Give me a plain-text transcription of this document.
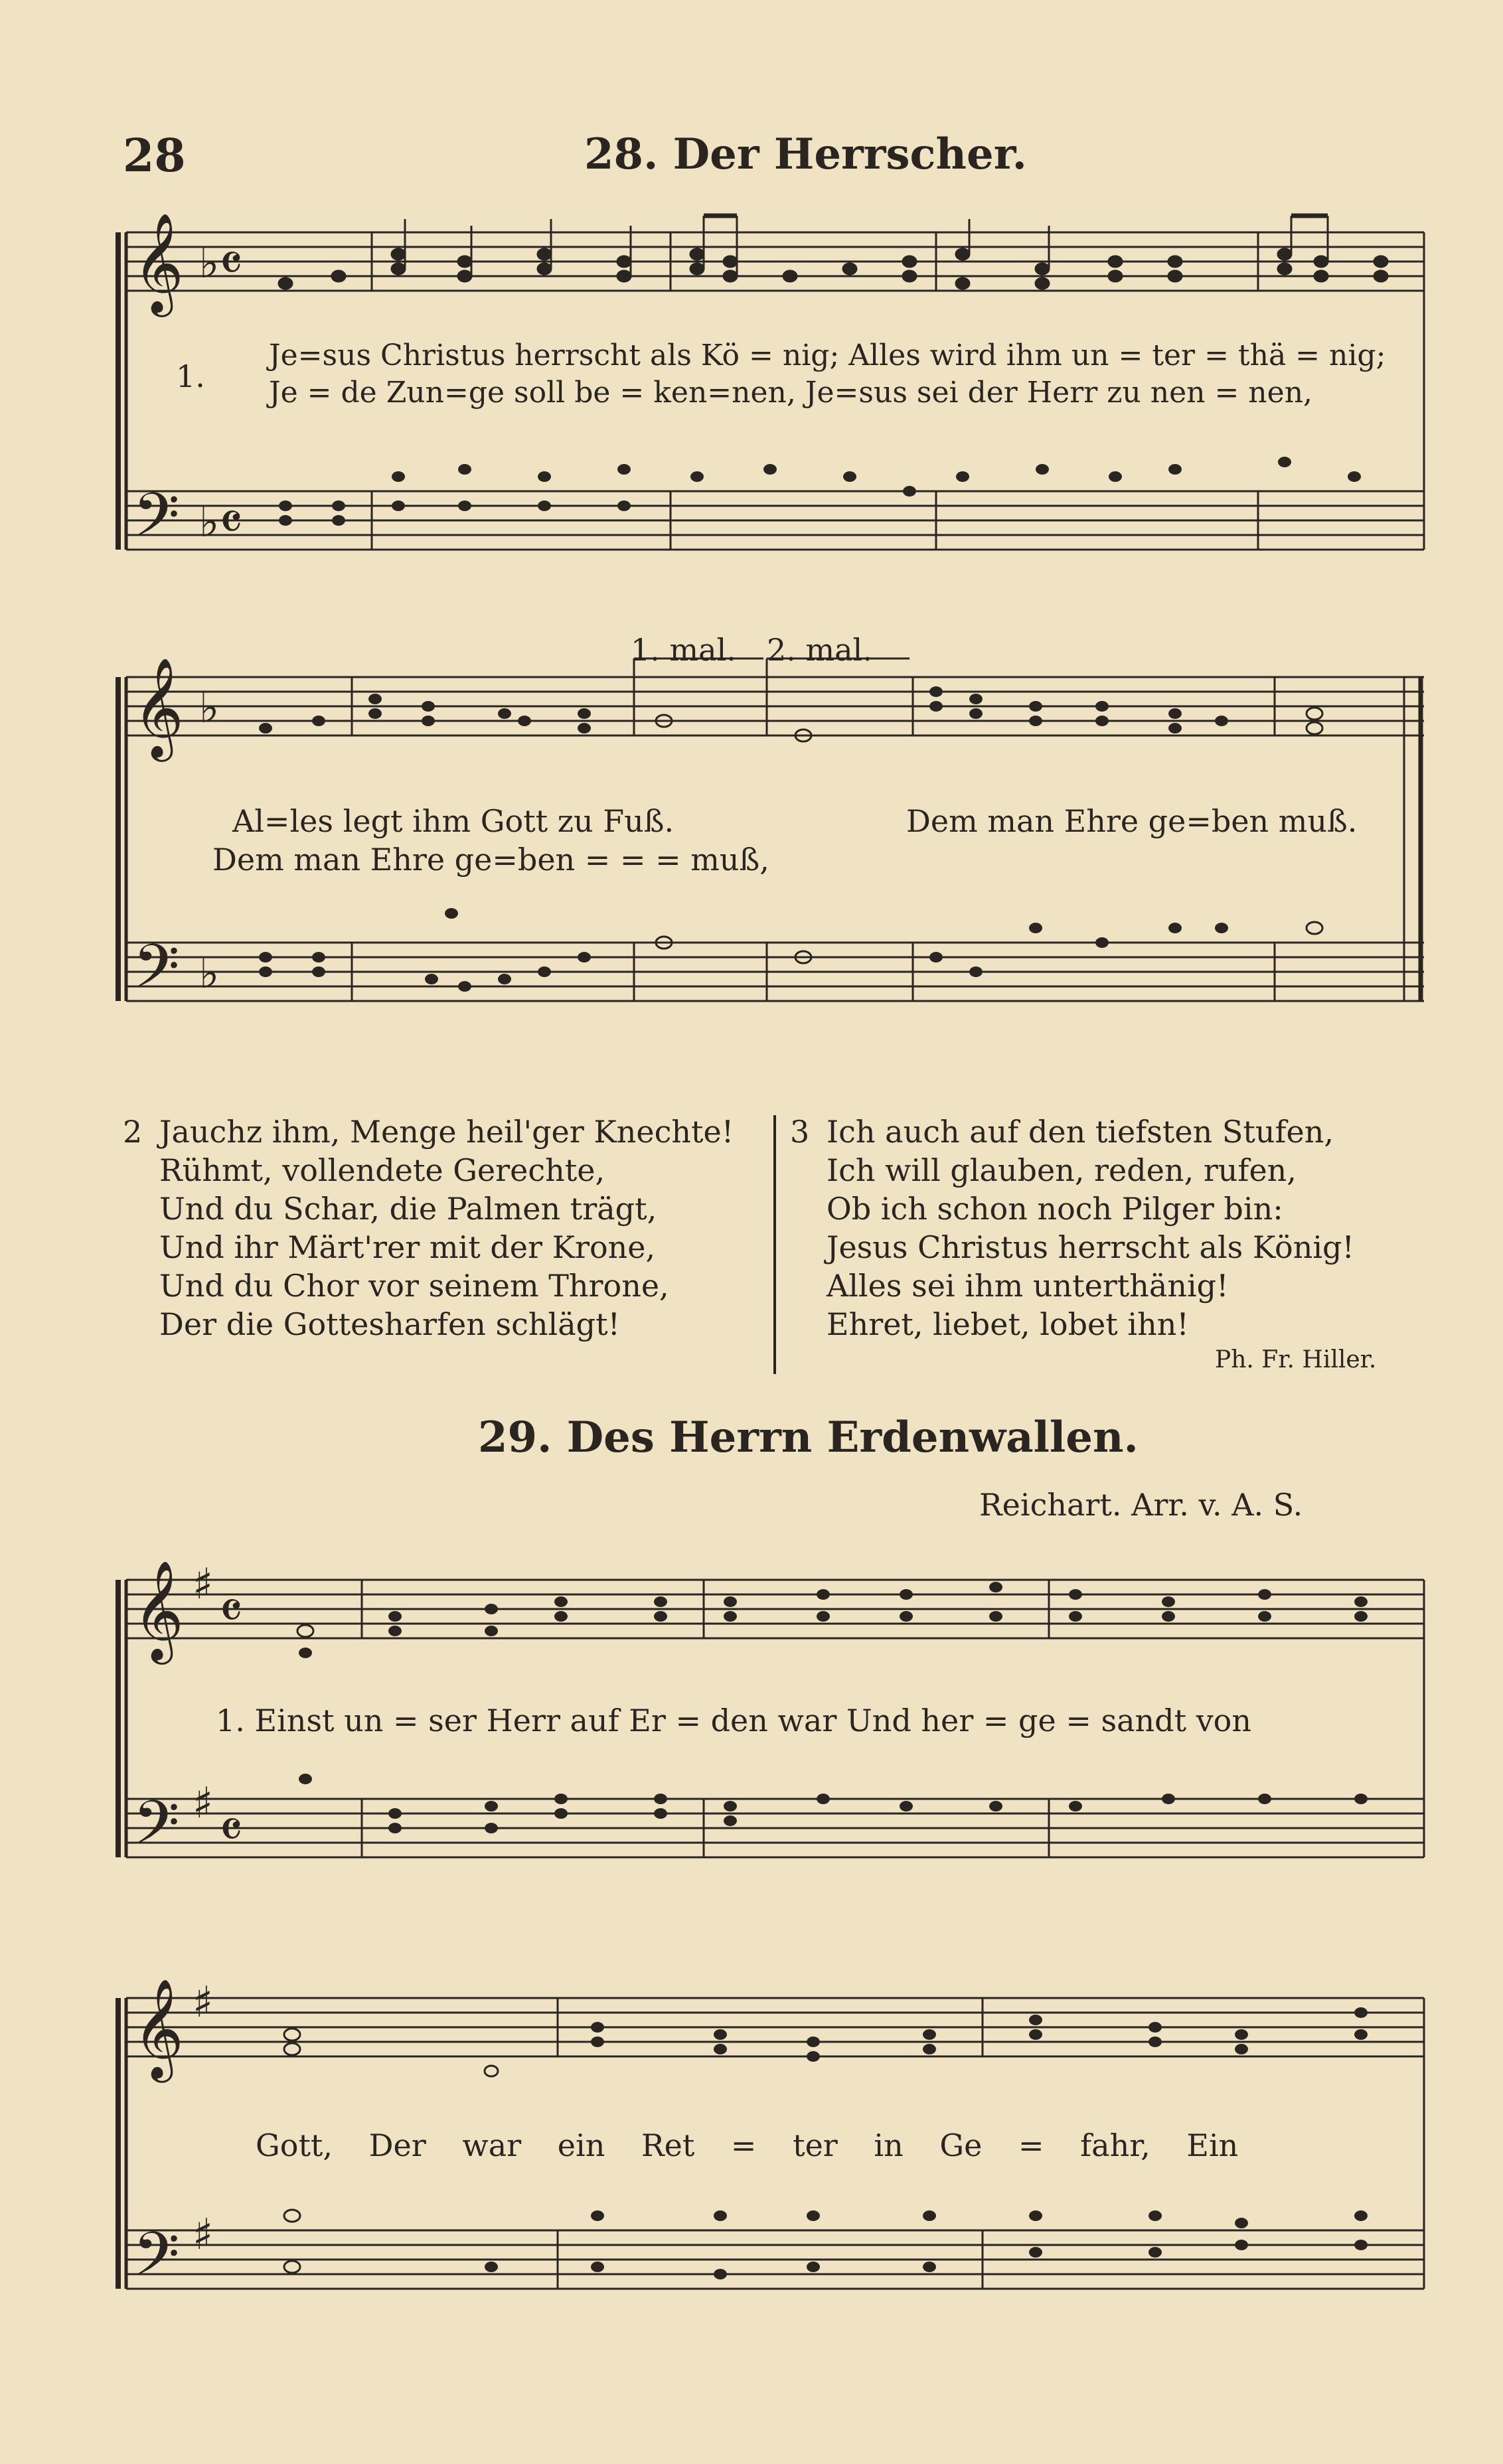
28	28. Der Herrscher.
𝄞
𝄢
♭
♭
𝄴
𝄴
1.
Je=sus Christus herrscht als Kö = nig; Alles wird ihm un = ter = thä = nig;
Je = de Zun=ge soll be = ken=nen, Je=sus sei der Herr zu nen = nen,
1. mal. 2. mal.
𝄞
𝄢
♭
♭
Al=les legt ihm Gott zu Fuß.	Dem man Ehre ge=ben muß.
Dem man Ehre ge=ben = = = muß,
2 Jauchz ihm, Menge heil'ger Knechte!
Rühmt, vollendete Gerechte,
Und du Schar, die Palmen trägt,
Und ihr Märt'rer mit der Krone,
Und du Chor vor seinem Throne,
Der die Gottesharfen schlägt!
3 Ich auch auf den tiefsten Stufen,
Ich will glauben, reden, rufen,
Ob ich schon noch Pilger bin:
Jesus Christus herrscht als König!
Alles sei ihm unterthänig!
Ehret, liebet, lobet ihn!
Ph. Fr. Hiller.
29. Des Herrn Erdenwallen.
Reichart. Arr. v. A. S.
𝄞
𝄢
♯
♯
𝄴
𝄴
1. Einst un = ser Herr auf Er = den war Und her = ge = sandt von
𝄞
𝄢
♯
♯
Gott, Der war ein Ret = ter in Ge = fahr, Ein
